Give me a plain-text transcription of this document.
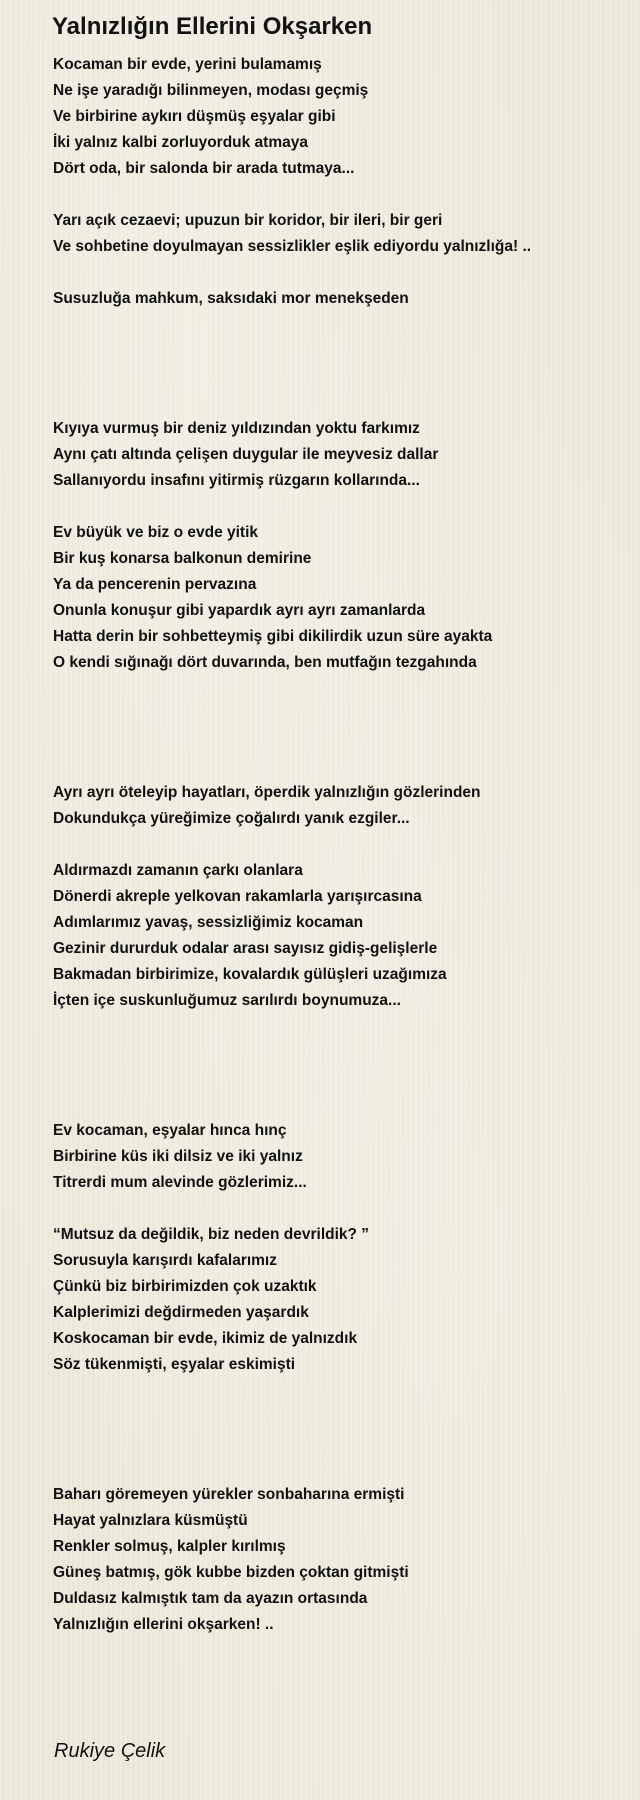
Yalnızlığın Ellerini Okşarken
Kocaman bir evde, yerini bulamamış
Ne işe yaradığı bilinmeyen, modası geçmiş
Ve birbirine aykırı düşmüş eşyalar gibi
İki yalnız kalbi zorluyorduk atmaya
Dört oda, bir salonda bir arada tutmaya...
Yarı açık cezaevi; upuzun bir koridor, bir ileri, bir geri
Ve sohbetine doyulmayan sessizlikler eşlik ediyordu yalnızlığa! ..
Susuzluğa mahkum, saksıdaki mor menekşeden
Kıyıya vurmuş bir deniz yıldızından yoktu farkımız
Aynı çatı altında çelişen duygular ile meyvesiz dallar
Sallanıyordu insafını yitirmiş rüzgarın kollarında...
Ev büyük ve biz o evde yitik
Bir kuş konarsa balkonun demirine
Ya da pencerenin pervazına
Onunla konuşur gibi yapardık ayrı ayrı zamanlarda
Hatta derin bir sohbetteymiş gibi dikilirdik uzun süre ayakta
O kendi sığınağı dört duvarında, ben mutfağın tezgahında
Ayrı ayrı öteleyip hayatları, öperdik yalnızlığın gözlerinden
Dokundukça yüreğimize çoğalırdı yanık ezgiler...
Aldırmazdı zamanın çarkı olanlara
Dönerdi akreple yelkovan rakamlarla yarışırcasına
Adımlarımız yavaş, sessizliğimiz kocaman
Gezinir dururduk odalar arası sayısız gidiş-gelişlerle
Bakmadan birbirimize, kovalardık gülüşleri uzağımıza
İçten içe suskunluğumuz sarılırdı boynumuza...
Ev kocaman, eşyalar hınca hınç
Birbirine küs iki dilsiz ve iki yalnız
Titrerdi mum alevinde gözlerimiz...
“Mutsuz da değildik, biz neden devrildik? ”
Sorusuyla karışırdı kafalarımız
Çünkü biz birbirimizden çok uzaktık
Kalplerimizi değdirmeden yaşardık
Koskocaman bir evde, ikimiz de yalnızdık
Söz tükenmişti, eşyalar eskimişti
Baharı göremeyen yürekler sonbaharına ermişti
Hayat yalnızlara küsmüştü
Renkler solmuş, kalpler kırılmış
Güneş batmış, gök kubbe bizden çoktan gitmişti
Duldasız kalmıştık tam da ayazın ortasında
Yalnızlığın ellerini okşarken! ..
Rukiye Çelik
